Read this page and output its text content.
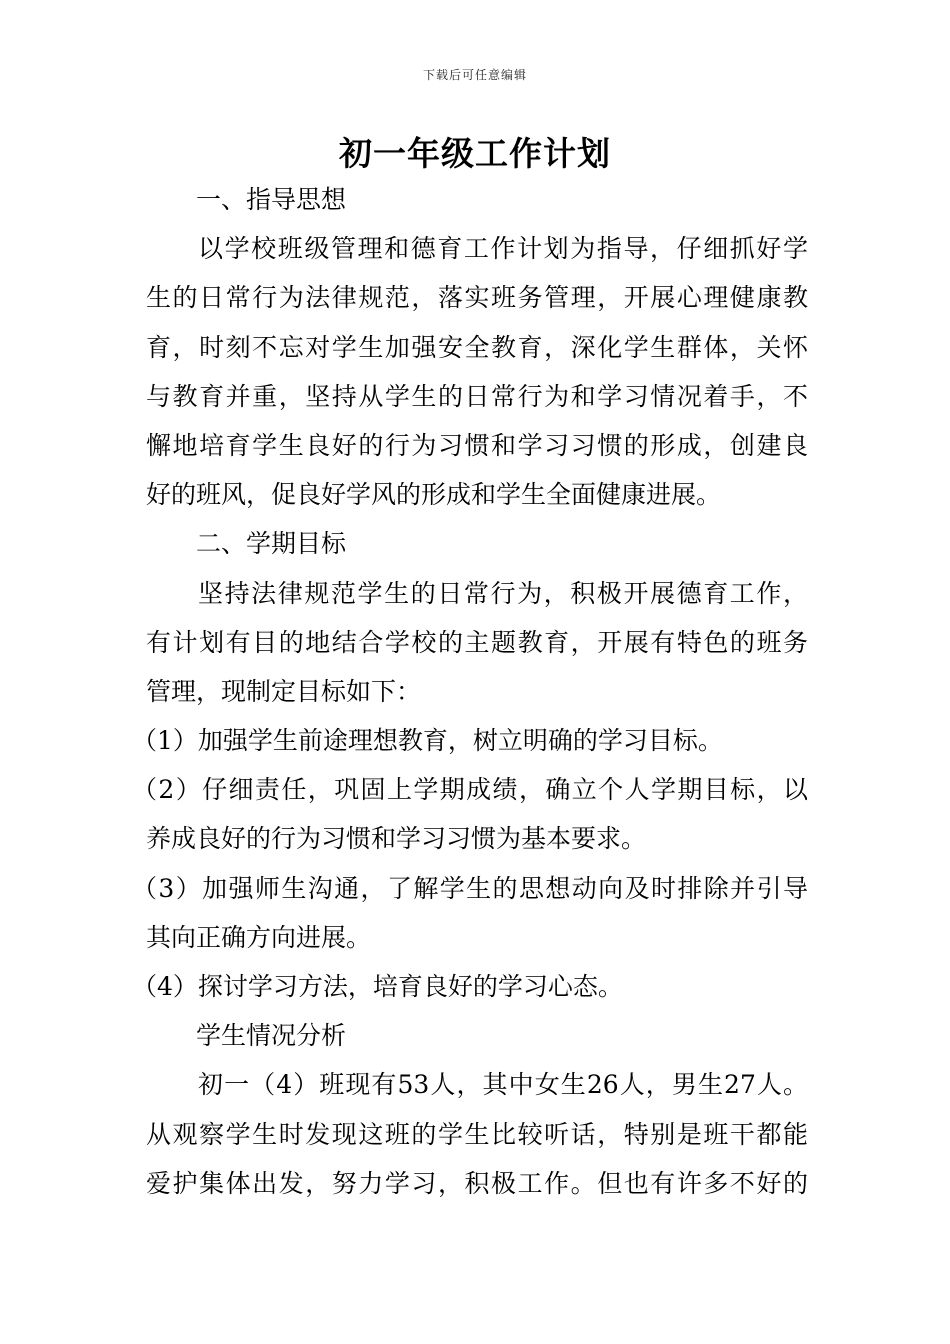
下载后可任意编辑
初一年级工作计划
一、指导思想
以学校班级管理和德育工作计划为指导，仔细抓好学
生的日常行为法律规范，落实班务管理，开展心理健康教
育，时刻不忘对学生加强安全教育，深化学生群体，关怀
与教育并重，坚持从学生的日常行为和学习情况着手，不
懈地培育学生良好的行为习惯和学习习惯的形成，创建良
好的班风，促良好学风的形成和学生全面健康进展。
二、学期目标
坚持法律规范学生的日常行为，积极开展德育工作，
有计划有目的地结合学校的主题教育，开展有特色的班务
管理，现制定目标如下：
（1）加强学生前途理想教育，树立明确的学习目标。
（2）仔细责任，巩固上学期成绩，确立个人学期目标，以
养成良好的行为习惯和学习习惯为基本要求。
（3）加强师生沟通，了解学生的思想动向及时排除并引导
其向正确方向进展。
（4）探讨学习方法，培育良好的学习心态。
学生情况分析
初一（4）班现有53人，其中女生26人，男生27人。
从观察学生时发现这班的学生比较听话，特别是班干都能
爱护集体出发，努力学习，积极工作。但也有许多不好的
